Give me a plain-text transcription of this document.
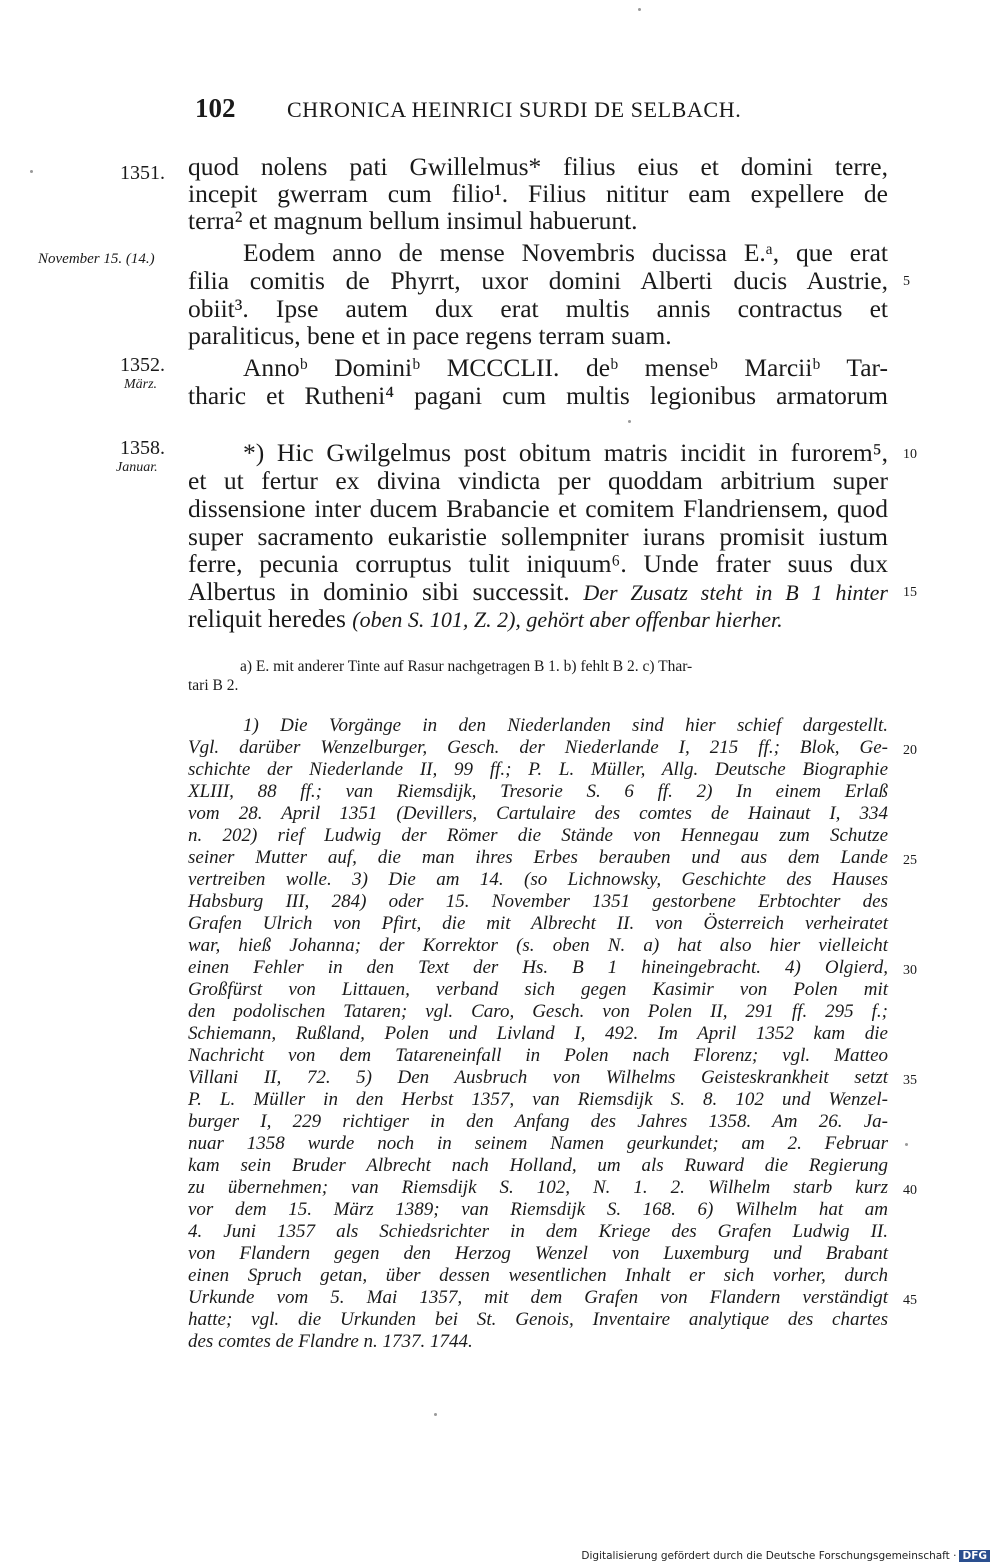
102 CHRONICA HEINRICI SURDI DE SELBACH.
1351.
November 15. (14.)
1352.
März.
1358.
Januar.
quod nolens pati Gwillelmus* filius eius et domini terre,
incepit gwerram cum filio¹. Filius nititur eam expellere de
terra² et magnum bellum insimul habuerunt.
Eodem anno de mense Novembris ducissa E.ᵃ, que erat
filia comitis de Phyrrt, uxor domini Alberti ducis Austrie,
obiit³. Ipse autem dux erat multis annis contractus et
paraliticus, bene et in pace regens terram suam.
Annoᵇ Dominiᵇ MCCCLII. deᵇ menseᵇ Marciiᵇ Tar-
tharic et Rutheni⁴ pagani cum multis legionibus armatorum
*) Hic Gwilgelmus post obitum matris incidit in furorem⁵,
et ut fertur ex divina vindicta per quoddam arbitrium super
dissensione inter ducem Brabancie et comitem Flandriensem, quod
super sacramento eukaristie sollempniter iurans promisit iustum
ferre, pecunia corruptus tulit iniquum⁶. Unde frater suus dux
Albertus in dominio sibi successit. Der Zusatz steht in B 1 hinter
reliquit heredes (oben S. 101, Z. 2), gehört aber offenbar hierher.
a) E. mit anderer Tinte auf Rasur nachgetragen B 1. b) fehlt B 2. c) Thar-
tari B 2.
1) Die Vorgänge in den Niederlanden sind hier schief dargestellt.
Vgl. darüber Wenzelburger, Gesch. der Niederlande I, 215 ff.; Blok, Ge-
schichte der Niederlande II, 99 ff.; P. L. Müller, Allg. Deutsche Biographie
XLIII, 88 ff.; van Riemsdijk, Tresorie S. 6 ff. 2) In einem Erlaß
vom 28. April 1351 (Devillers, Cartulaire des comtes de Hainaut I, 334
n. 202) rief Ludwig der Römer die Stände von Hennegau zum Schutze
seiner Mutter auf, die man ihres Erbes berauben und aus dem Lande
vertreiben wolle. 3) Die am 14. (so Lichnowsky, Geschichte des Hauses
Habsburg III, 284) oder 15. November 1351 gestorbene Erbtochter des
Grafen Ulrich von Pfirt, die mit Albrecht II. von Österreich verheiratet
war, hieß Johanna; der Korrektor (s. oben N. a) hat also hier vielleicht
einen Fehler in den Text der Hs. B 1 hineingebracht. 4) Olgierd,
Großfürst von Littauen, verband sich gegen Kasimir von Polen mit
den podolischen Tataren; vgl. Caro, Gesch. von Polen II, 291 ff. 295 f.;
Schiemann, Rußland, Polen und Livland I, 492. Im April 1352 kam die
Nachricht von dem Tatareneinfall in Polen nach Florenz; vgl. Matteo
Villani II, 72. 5) Den Ausbruch von Wilhelms Geisteskrankheit setzt
P. L. Müller in den Herbst 1357, van Riemsdijk S. 8. 102 und Wenzel-
burger I, 229 richtiger in den Anfang des Jahres 1358. Am 26. Ja-
nuar 1358 wurde noch in seinem Namen geurkundet; am 2. Februar
kam sein Bruder Albrecht nach Holland, um als Ruward die Regierung
zu übernehmen; van Riemsdijk S. 102, N. 1. 2. Wilhelm starb kurz
vor dem 15. März 1389; van Riemsdijk S. 168. 6) Wilhelm hat am
4. Juni 1357 als Schiedsrichter in dem Kriege des Grafen Ludwig II.
von Flandern gegen den Herzog Wenzel von Luxemburg und Brabant
einen Spruch getan, über dessen wesentlichen Inhalt er sich vorher, durch
Urkunde vom 5. Mai 1357, mit dem Grafen von Flandern verständigt
hatte; vgl. die Urkunden bei St. Genois, Inventaire analytique des chartes
des comtes de Flandre n. 1737. 1744.
5
10
15
20
25
30
35
40
45
Digitalisierung gefördert durch die Deutsche Forschungsgemeinschaft · DFG
